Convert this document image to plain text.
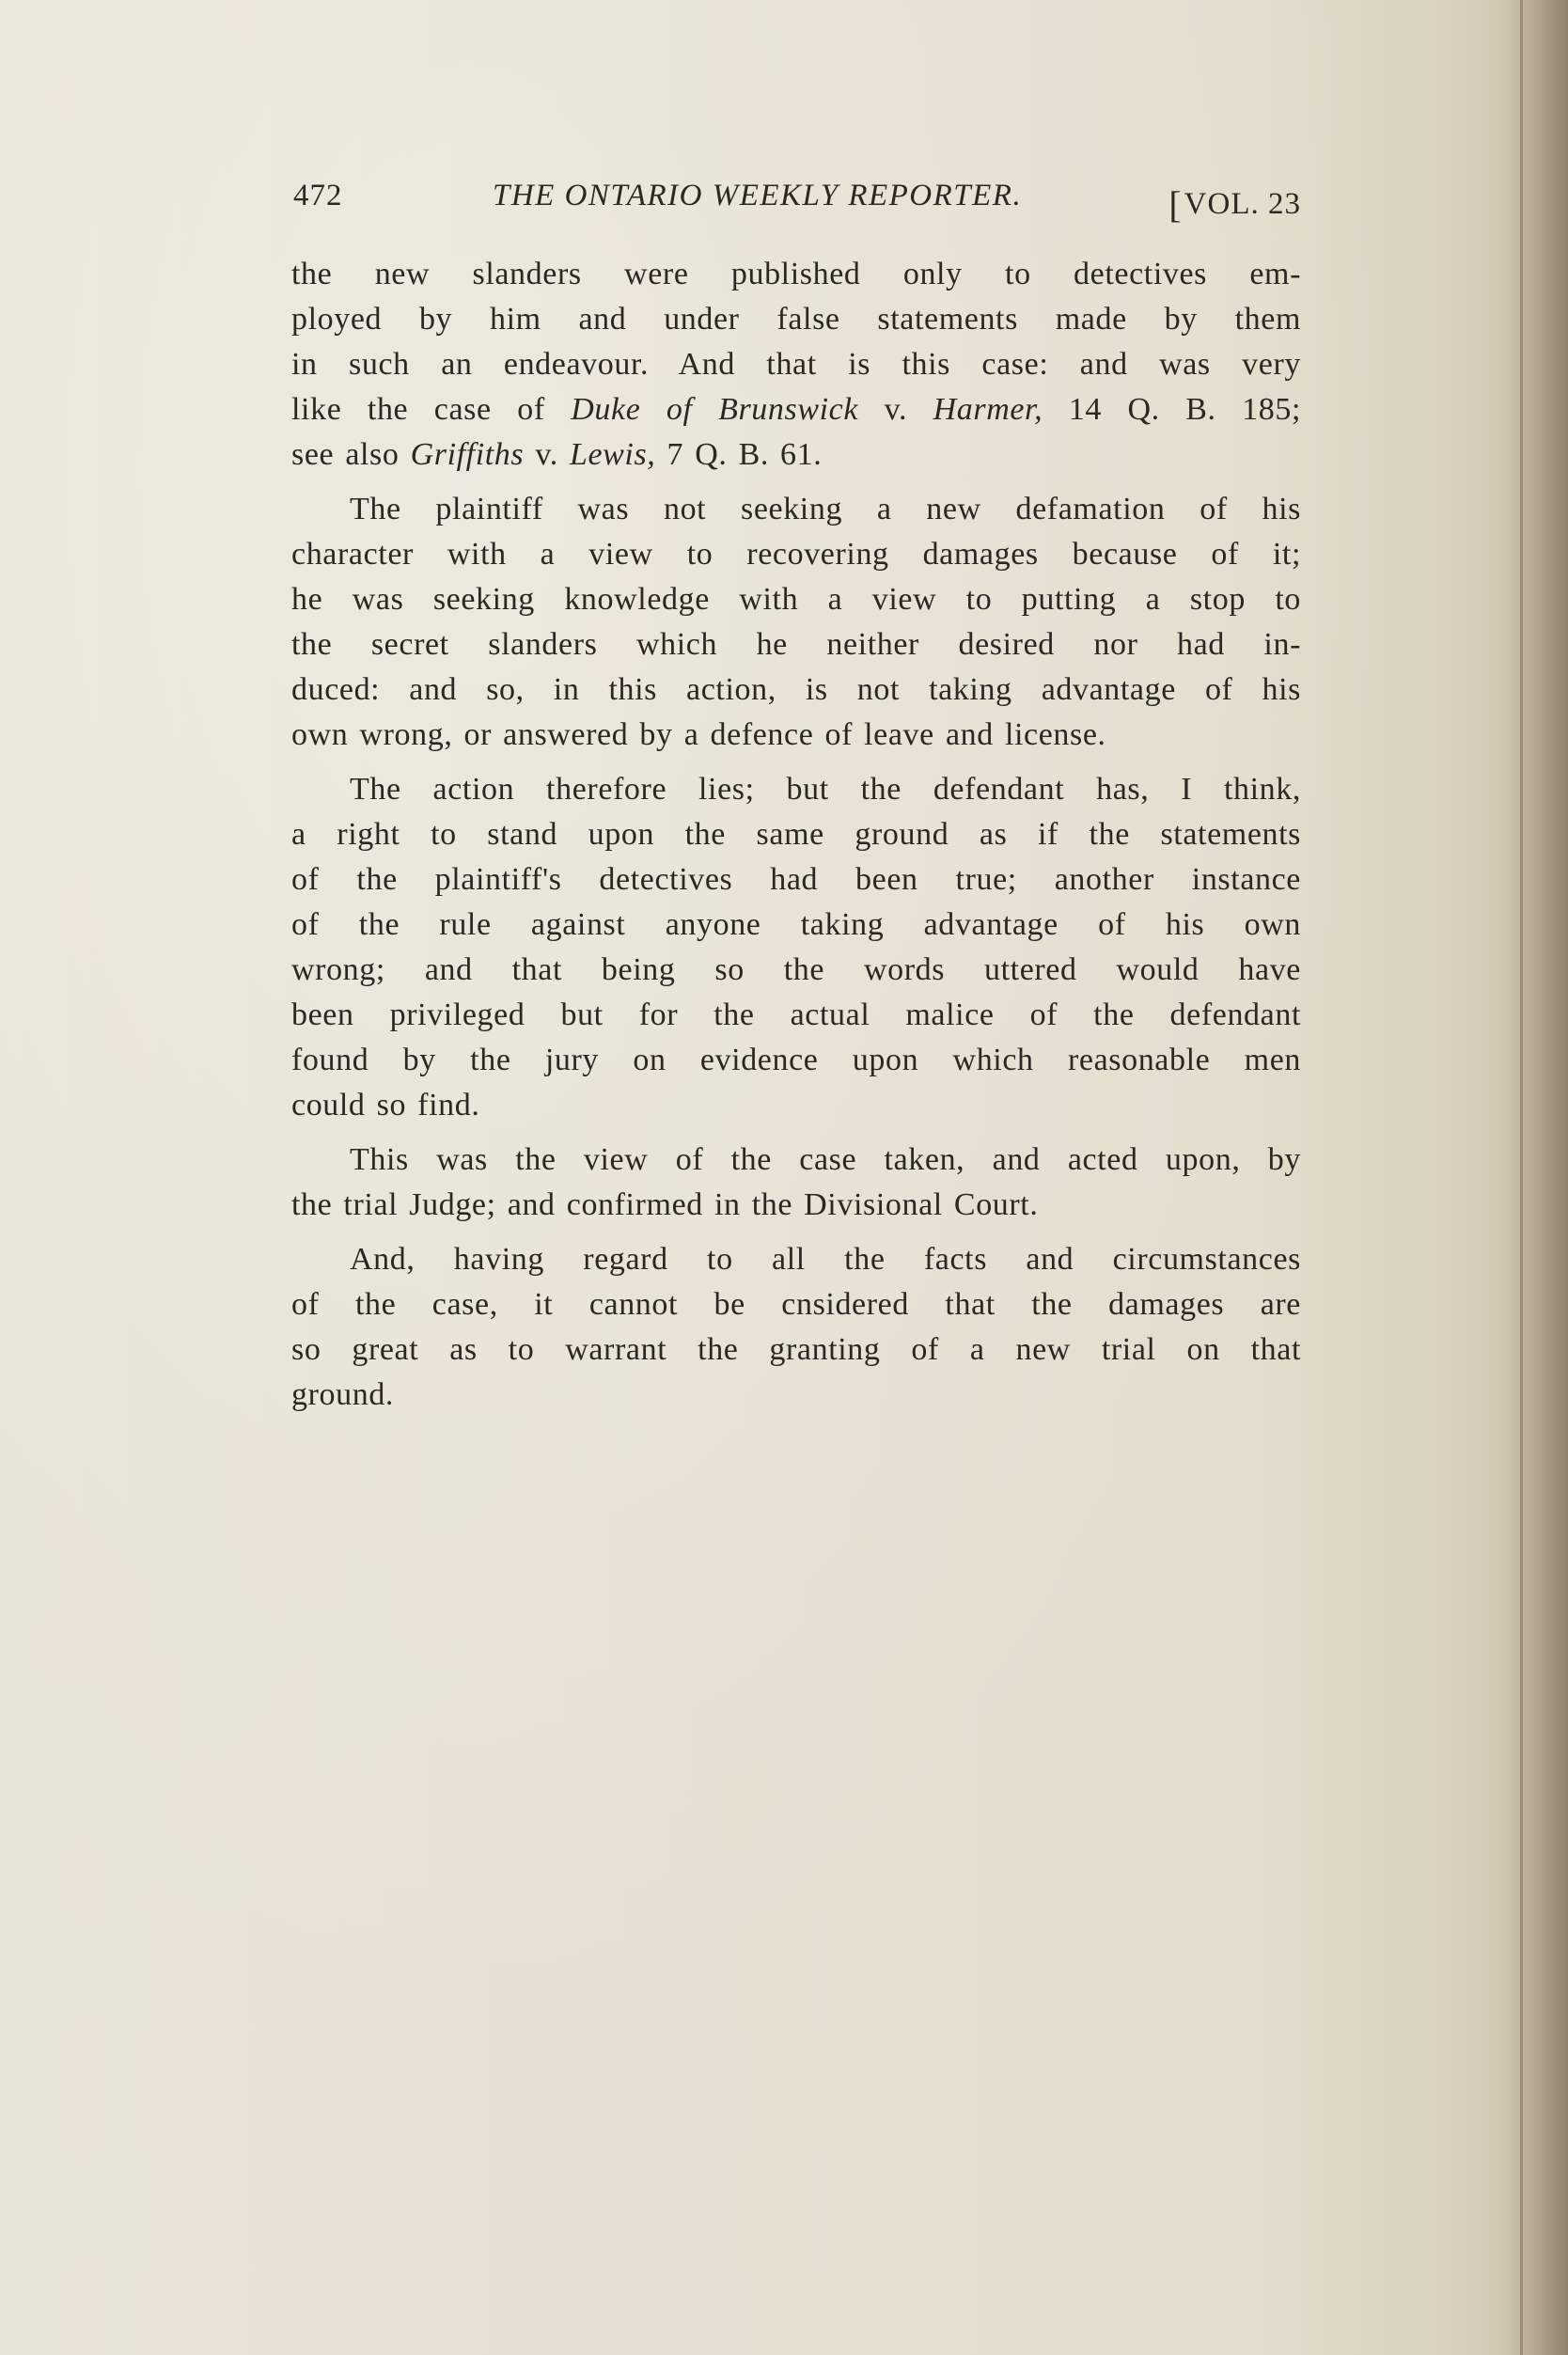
472	THE ONTARIO WEEKLY REPORTER.	[VOL. 23
the new slanders were published only to detectives em-
ployed by him and under false statements made by them
in such an endeavour. And that is this case: and was very
like the case of Duke of Brunswick v. Harmer, 14 Q. B. 185;
see also Griffiths v. Lewis, 7 Q. B. 61.
The plaintiff was not seeking a new defamation of his
character with a view to recovering damages because of it;
he was seeking knowledge with a view to putting a stop to
the secret slanders which he neither desired nor had in-
duced: and so, in this action, is not taking advantage of his
own wrong, or answered by a defence of leave and license.
The action therefore lies; but the defendant has, I think,
a right to stand upon the same ground as if the statements
of the plaintiff's detectives had been true; another instance
of the rule against anyone taking advantage of his own
wrong; and that being so the words uttered would have
been privileged but for the actual malice of the defendant
found by the jury on evidence upon which reasonable men
could so find.
This was the view of the case taken, and acted upon, by
the trial Judge; and confirmed in the Divisional Court.
And, having regard to all the facts and circumstances
of the case, it cannot be cnsidered that the damages are
so great as to warrant the granting of a new trial on that
ground.
